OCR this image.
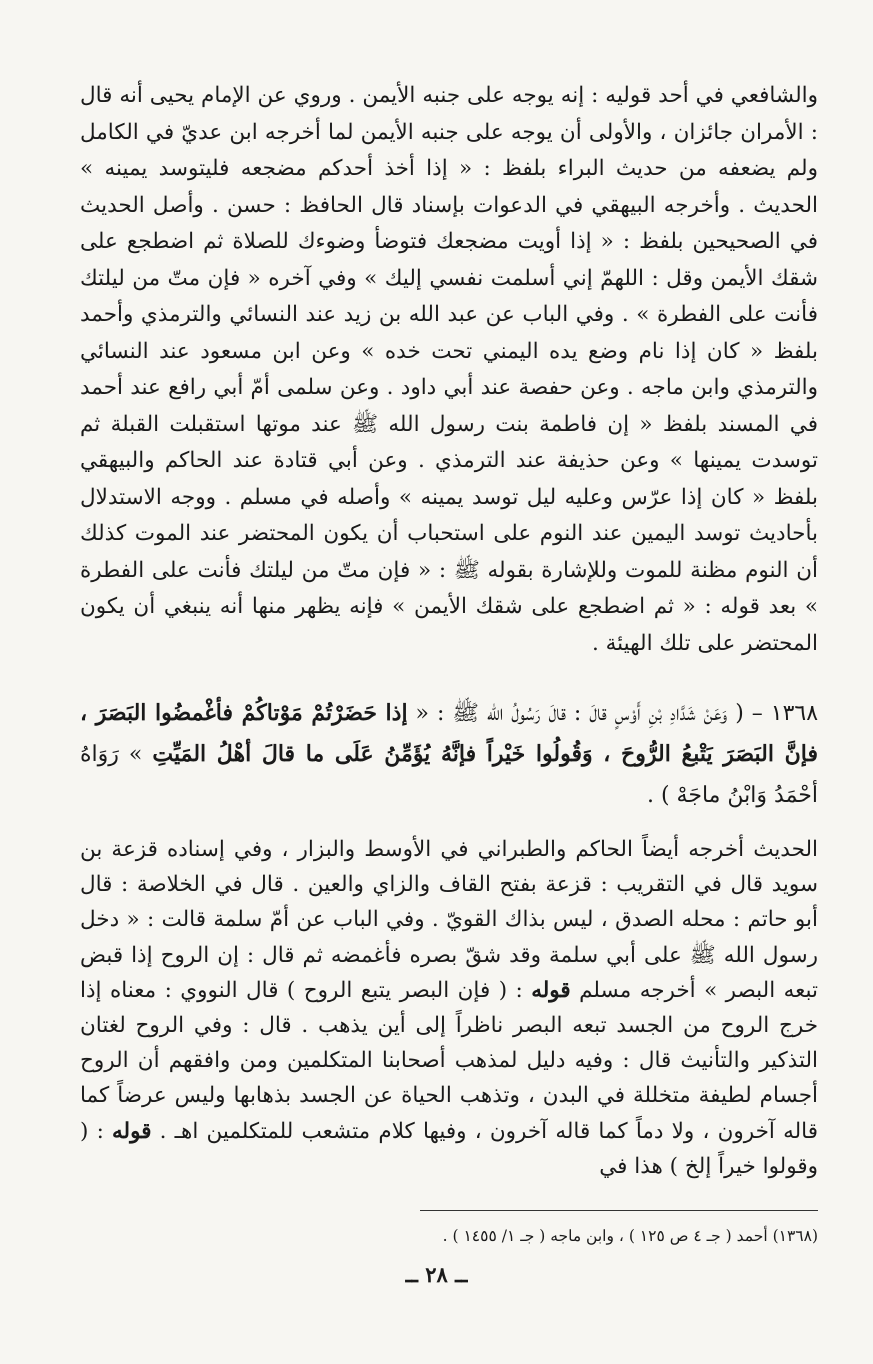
والشافعي في أحد قوليه : إنه يوجه على جنبه الأيمن . وروي عن الإمام يحيى أنه قال : الأمران جائزان ، والأولى أن يوجه على جنبه الأيمن لما أخرجه ابن عديّ في الكامل ولم يضعفه من حديث البراء بلفظ : « إذا أخذ أحدكم مضجعه فليتوسد يمينه » الحديث . وأخرجه البيهقي في الدعوات بإسناد قال الحافظ : حسن . وأصل الحديث في الصحيحين بلفظ : « إذا أويت مضجعك فتوضأ وضوءك للصلاة ثم اضطجع على شقك الأيمن وقل : اللهمّ إني أسلمت نفسي إليك » وفي آخره « فإن متّ من ليلتك فأنت على الفطرة » . وفي الباب عن عبد الله بن زيد عند النسائي والترمذي وأحمد بلفظ « كان إذا نام وضع يده اليمني تحت خده » وعن ابن مسعود عند النسائي والترمذي وابن ماجه . وعن حفصة عند أبي داود . وعن سلمى أمّ أبي رافع عند أحمد في المسند بلفظ « إن فاطمة بنت رسول الله ﷺ عند موتها استقبلت القبلة ثم توسدت يمينها » وعن حذيفة عند الترمذي . وعن أبي قتادة عند الحاكم والبيهقي بلفظ « كان إذا عرّس وعليه ليل توسد يمينه » وأصله في مسلم . ووجه الاستدلال بأحاديث توسد اليمين عند النوم على استحباب أن يكون المحتضر عند الموت كذلك أن النوم مظنة للموت وللإشارة بقوله ﷺ : « فإن متّ من ليلتك فأنت على الفطرة » بعد قوله : « ثم اضطجع على شقك الأيمن » فإنه يظهر منها أنه ينبغي أن يكون المحتضر على تلك الهيئة .
١٣٦٨ – ( وَعَنْ شَدَّادِ بْنِ أَوْسٍ قالَ : قالَ رَسُولُ الله ﷺ : « إذا حَضَرْتُمْ مَوْتاكُمْ فأغْمضُوا البَصَرَ ، فإنَّ البَصَرَ يَتْبعُ الرُّوحَ ، وَقُولُوا خَيْراً فإنَّهُ يُؤَمِّنُ عَلَى ما قالَ أهْلُ المَيِّتِ » رَوَاهُ أحْمَدُ وَابْنُ ماجَهْ ) .
الحديث أخرجه أيضاً الحاكم والطبراني في الأوسط والبزار ، وفي إسناده قزعة بن سويد قال في التقريب : قزعة بفتح القاف والزاي والعين . قال في الخلاصة : قال أبو حاتم : محله الصدق ، ليس بذاك القويّ . وفي الباب عن أمّ سلمة قالت : « دخل رسول الله ﷺ على أبي سلمة وقد شقّ بصره فأغمضه ثم قال : إن الروح إذا قبض تبعه البصر » أخرجه مسلم قوله : ( فإن البصر يتبع الروح ) قال النووي : معناه إذا خرج الروح من الجسد تبعه البصر ناظراً إلى أين يذهب . قال : وفي الروح لغتان التذكير والتأنيث قال : وفيه دليل لمذهب أصحابنا المتكلمين ومن وافقهم أن الروح أجسام لطيفة متخللة في البدن ، وتذهب الحياة عن الجسد بذهابها وليس عرضاً كما قاله آخرون ، ولا دماً كما قاله آخرون ، وفيها كلام متشعب للمتكلمين اهـ . قوله : ( وقولوا خيراً إلخ ) هذا في
(١٣٦٨) أحمد ( جـ ٤ ص ١٢٥ ) ، وابن ماجه ( جـ ١/ ١٤٥٥ ) .
ــ ٢٨ ــ
